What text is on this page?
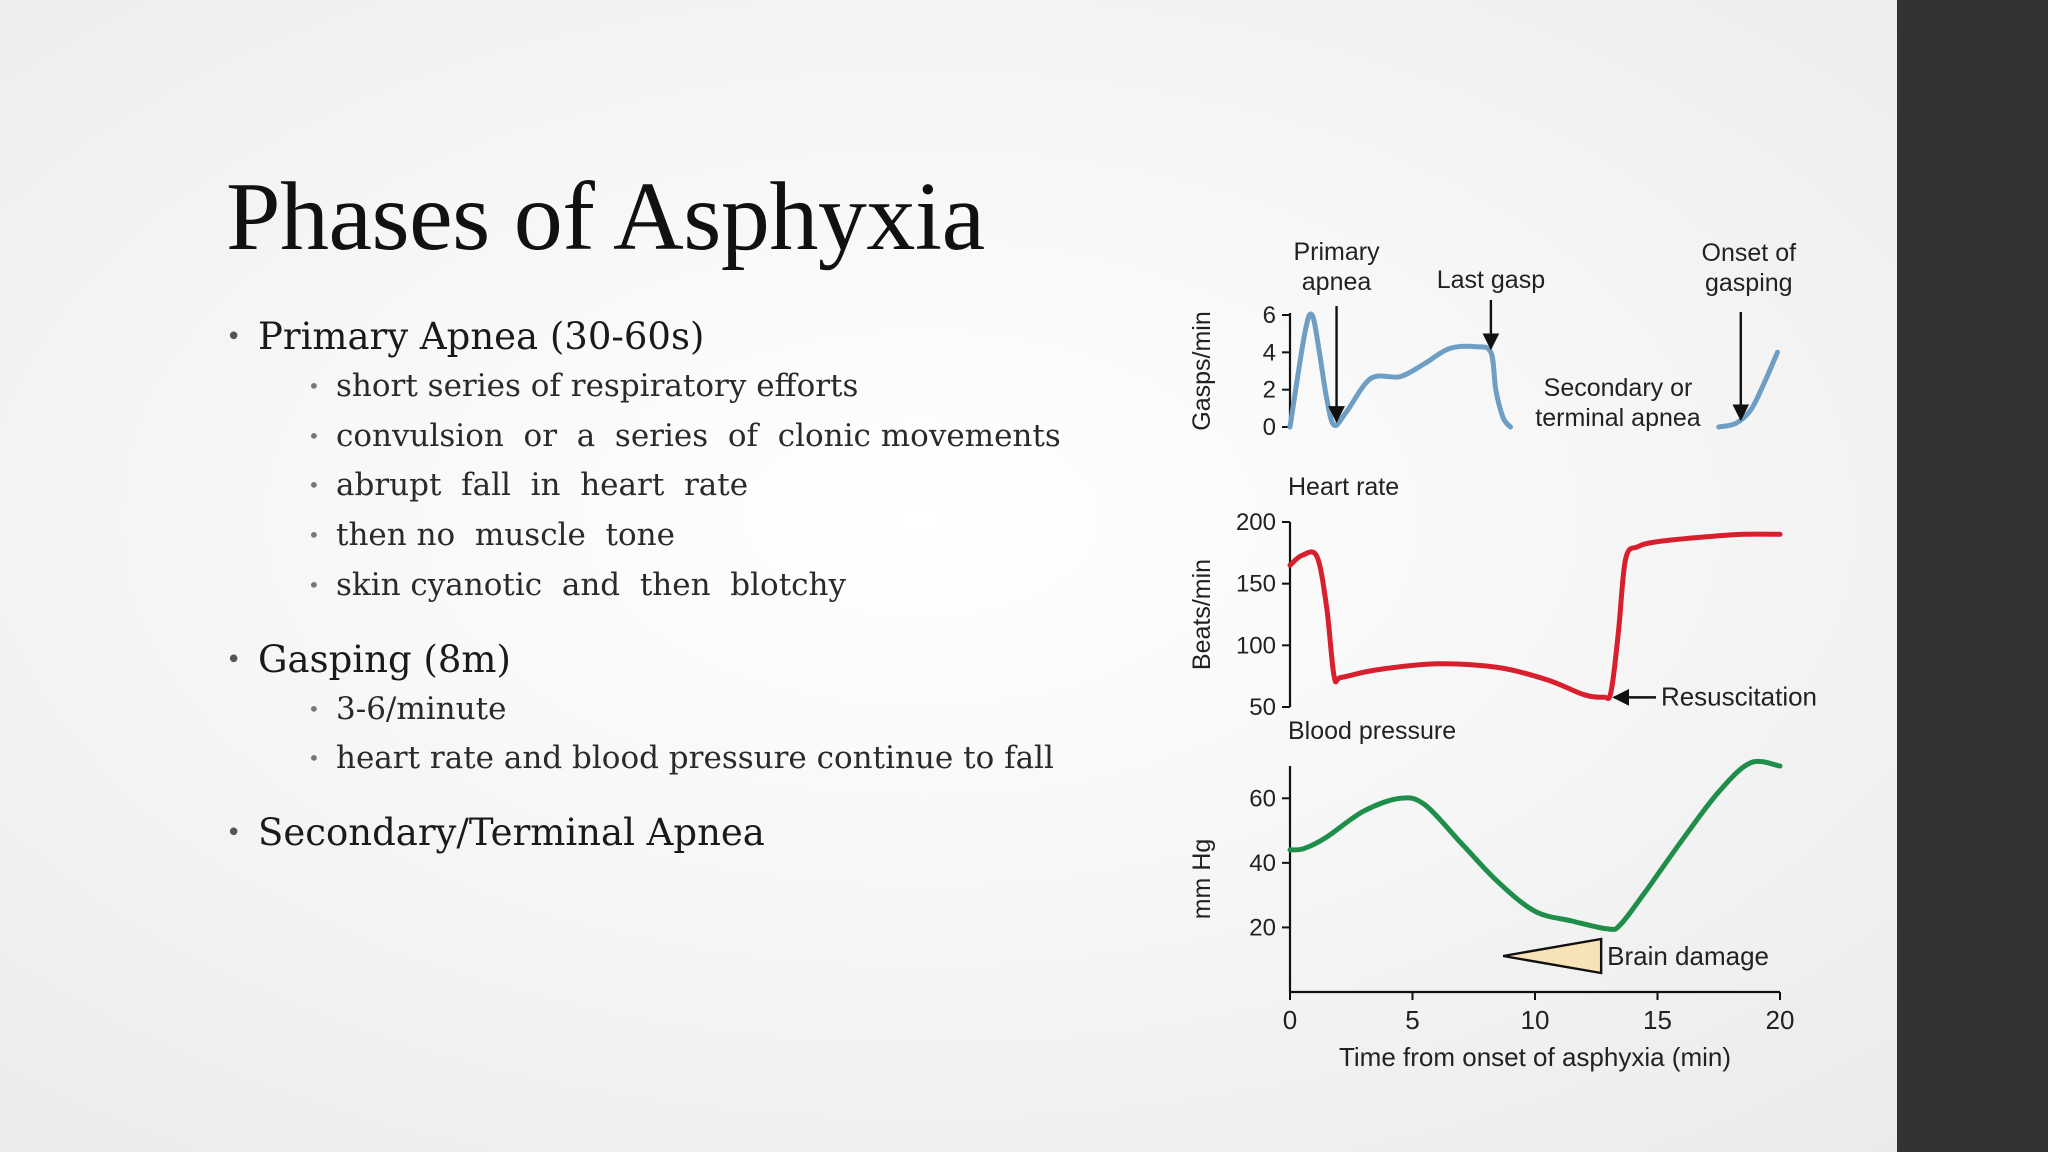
Phases of Asphyxia
• Primary Apnea (30-60s)
• short series of respiratory efforts
• convulsion  or  a  series  of  clonic movements
• abrupt  fall  in  heart  rate
• then no  muscle  tone
• skin cyanotic  and  then  blotchy
• Gasping (8m)
• 3-6/minute
• heart rate and blood pressure continue to fall
• Secondary/Terminal Apnea
0
2
4
6
Gasps/min
Primary
apnea	Last gasp
Onset of
gasping
Secondary or
terminal apnea
50
100
150
200
Beats/min
Heart rate
Resuscitation
20
40
60
mm Hg
Blood pressure
0	5	10	15	20
Time from onset of asphyxia (min)
Brain damage
